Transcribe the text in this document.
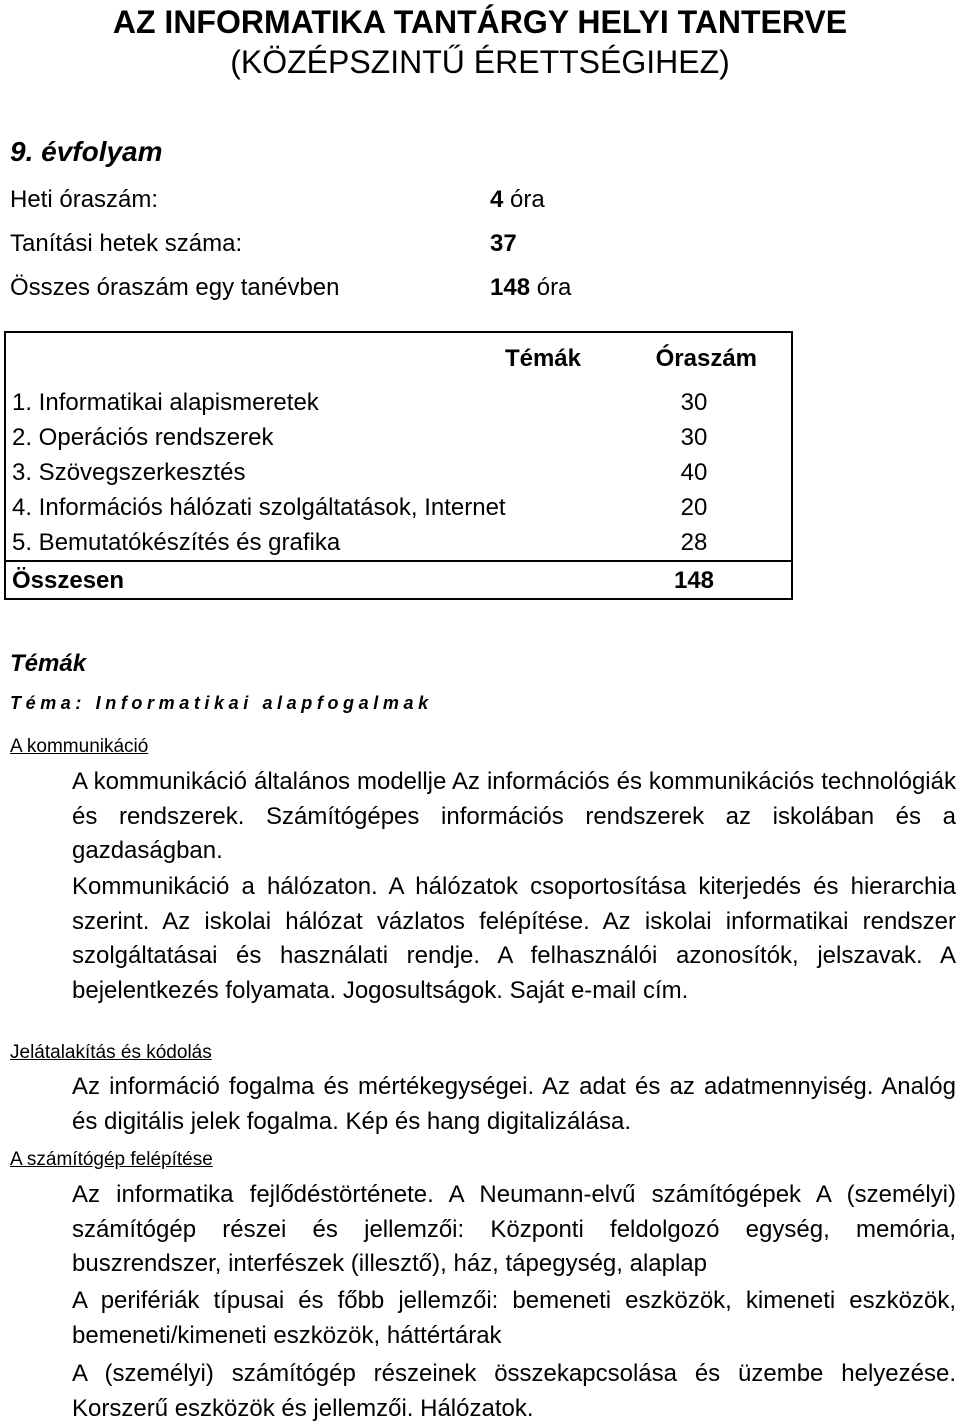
AZ INFORMATIKA TANTÁRGY HELYI TANTERVE
(KÖZÉPSZINTŰ ÉRETTSÉGIHEZ)
9. évfolyam
Heti óraszám:	4 óra
Tanítási hetek száma:	37
Összes óraszám egy tanévben	148 óra
Témák	Óraszám
1. Informatikai alapismeretek	30
2. Operációs rendszerek	30
3. Szövegszerkesztés	40
4. Információs hálózati szolgáltatások, Internet	20
5. Bemutatókészítés és grafika	28
Összesen	148
Témák
Téma: Informatikai alapfogalmak
A kommunikáció
A kommunikáció általános modellje Az információs és kommunikációs technológiák és rendszerek. Számítógépes információs rendszerek az iskolában és a gazdaságban.
Kommunikáció a hálózaton. A hálózatok csoportosítása kiterjedés és hierarchia szerint. Az iskolai hálózat vázlatos felépítése. Az iskolai informatikai rendszer szolgáltatásai és használati rendje. A felhasználói azonosítók, jelszavak. A bejelentkezés folyamata. Jogosultságok. Saját e-mail cím.
Jelátalakítás és kódolás
Az információ fogalma és mértékegységei. Az adat és az adatmennyiség. Analóg és digitális jelek fogalma. Kép és hang digitalizálása.
A számítógép felépítése
Az informatika fejlődéstörténete. A Neumann-elvű számítógépek A (személyi) számítógép részei és jellemzői: Központi feldolgozó egység, memória, buszrendszer, interfészek (illesztő), ház, tápegység, alaplap
A perifériák típusai és főbb jellemzői: bemeneti eszközök, kimeneti eszközök, bemeneti/kimeneti eszközök, háttértárak
A (személyi) számítógép részeinek összekapcsolása és üzembe helyezése. Korszerű eszközök és jellemzői. Hálózatok.
